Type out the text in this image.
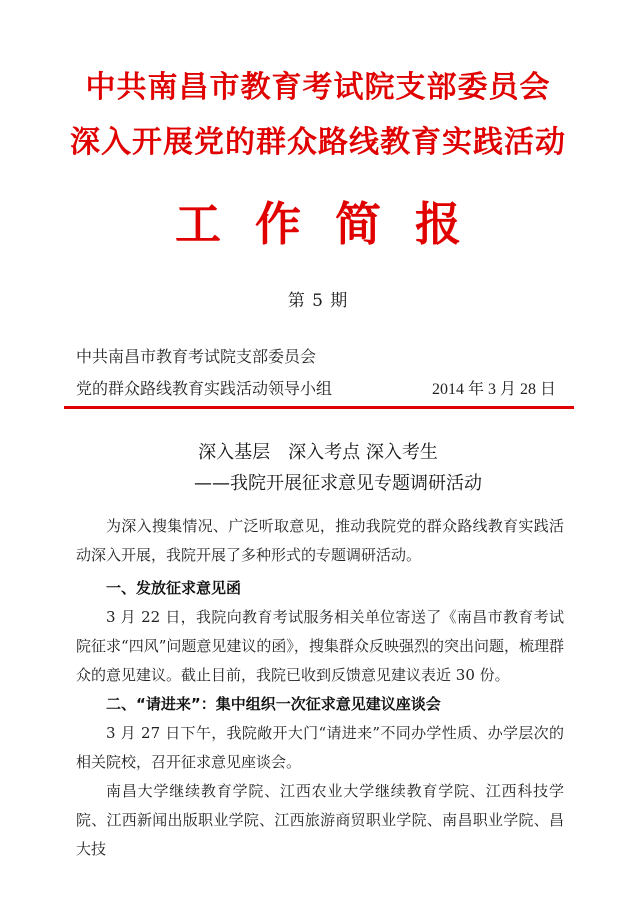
中共南昌市教育考试院支部委员会
深入开展党的群众路线教育实践活动
工作简报
第 5 期
中共南昌市教育考试院支部委员会
党的群众路线教育实践活动领导小组	2014 年 3 月 28 日
深入基层　深入考点 深入考生
——我院开展征求意见专题调研活动
为深入搜集情况、广泛听取意见，推动我院党的群众路线教育实践活动深入开展，我院开展了多种形式的专题调研活动。
一、发放征求意见函
3 月 22 日，我院向教育考试服务相关单位寄送了《南昌市教育考试院征求“四风”问题意见建议的函》，搜集群众反映强烈的突出问题，梳理群众的意见建议。截止目前，我院已收到反馈意见建议表近 30 份。
二、“请进来”：集中组织一次征求意见建议座谈会
3 月 27 日下午，我院敞开大门“请进来”不同办学性质、办学层次的相关院校，召开征求意见座谈会。
南昌大学继续教育学院、江西农业大学继续教育学院、江西科技学院、江西新闻出版职业学院、江西旅游商贸职业学院、南昌职业学院、昌大技
